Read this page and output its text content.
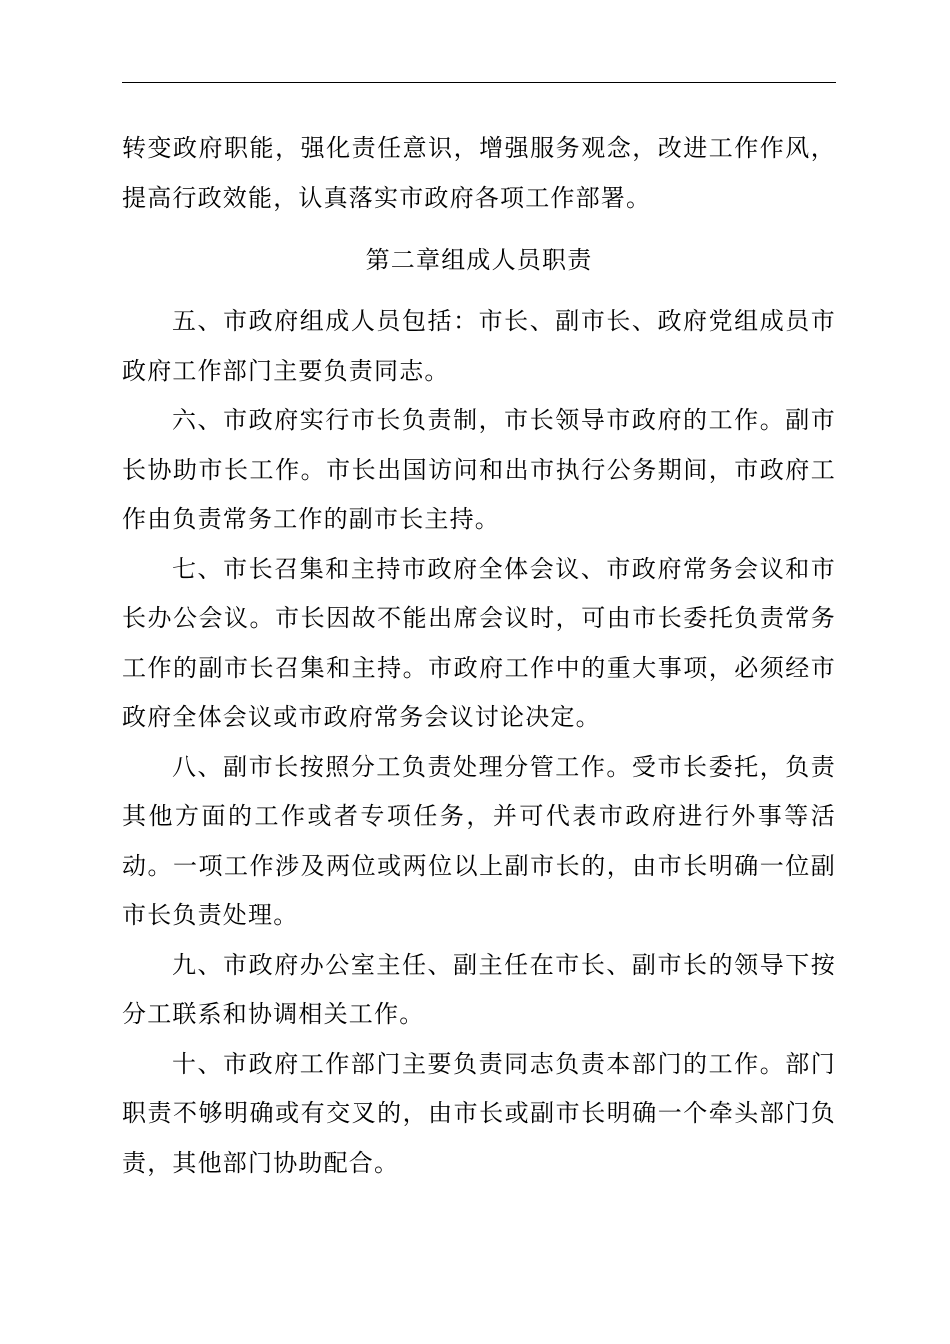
转变政府职能，强化责任意识，增强服务观念，改进工作作风，提高行政效能，认真落实市政府各项工作部署。

第二章组成人员职责

五、市政府组成人员包括：市长、副市长、政府党组成员市政府工作部门主要负责同志。

六、市政府实行市长负责制，市长领导市政府的工作。副市长协助市长工作。市长出国访问和出市执行公务期间，市政府工作由负责常务工作的副市长主持。

七、市长召集和主持市政府全体会议、市政府常务会议和市长办公会议。市长因故不能出席会议时，可由市长委托负责常务工作的副市长召集和主持。市政府工作中的重大事项，必须经市政府全体会议或市政府常务会议讨论决定。

八、副市长按照分工负责处理分管工作。受市长委托，负责其他方面的工作或者专项任务，并可代表市政府进行外事等活动。一项工作涉及两位或两位以上副市长的，由市长明确一位副市长负责处理。

九、市政府办公室主任、副主任在市长、副市长的领导下按分工联系和协调相关工作。

十、市政府工作部门主要负责同志负责本部门的工作。部门职责不够明确或有交叉的，由市长或副市长明确一个牵头部门负责，其他部门协助配合。
